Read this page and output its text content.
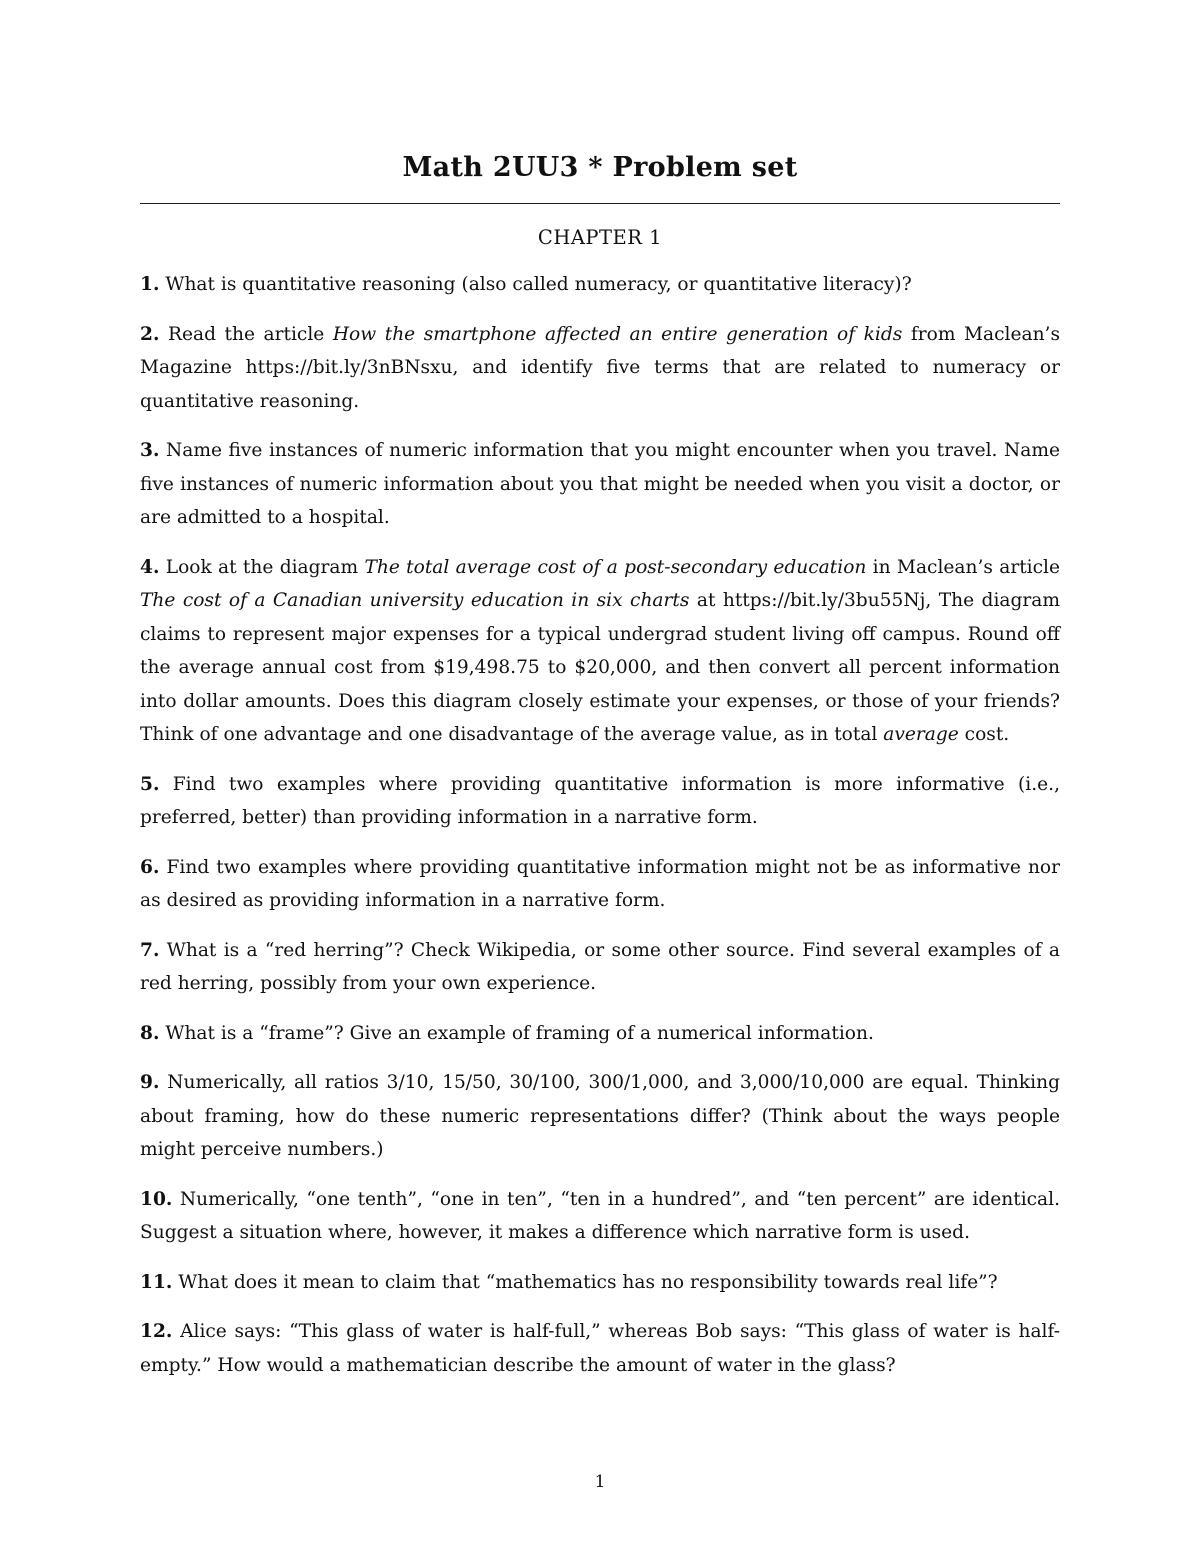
Math 2UU3 * Problem set
CHAPTER 1

1. What is quantitative reasoning (also called numeracy, or quantitative literacy)?

2. Read the article How the smartphone affected an entire generation of kids from Maclean’s Magazine https://bit.ly/3nBNsxu, and identify five terms that are related to numeracy or quantitative reasoning.

3. Name five instances of numeric information that you might encounter when you travel. Name five instances of numeric information about you that might be needed when you visit a doctor, or are admitted to a hospital.

4. Look at the diagram The total average cost of a post-secondary education in Maclean’s article The cost of a Canadian university education in six charts at https://bit.ly/3bu55Nj, The diagram claims to represent major expenses for a typical undergrad student living off campus. Round off the average annual cost from $19,498.75 to $20,000, and then convert all percent information into dollar amounts. Does this diagram closely estimate your expenses, or those of your friends? Think of one advantage and one disadvantage of the average value, as in total average cost.

5. Find two examples where providing quantitative information is more informative (i.e., preferred, better) than providing information in a narrative form.

6. Find two examples where providing quantitative information might not be as informative nor as desired as providing information in a narrative form.

7. What is a “red herring”? Check Wikipedia, or some other source. Find several examples of a red herring, possibly from your own experience.

8. What is a “frame”? Give an example of framing of a numerical information.

9. Numerically, all ratios 3/10, 15/50, 30/100, 300/1,000, and 3,000/10,000 are equal. Thinking about framing, how do these numeric representations differ? (Think about the ways people might perceive numbers.)

10. Numerically, “one tenth”, “one in ten”, “ten in a hundred”, and “ten percent” are identical. Suggest a situation where, however, it makes a difference which narrative form is used.

11. What does it mean to claim that “mathematics has no responsibility towards real life”?

12. Alice says: “This glass of water is half-full,” whereas Bob says: “This glass of water is half-empty.” How would a mathematician describe the amount of water in the glass?

1
